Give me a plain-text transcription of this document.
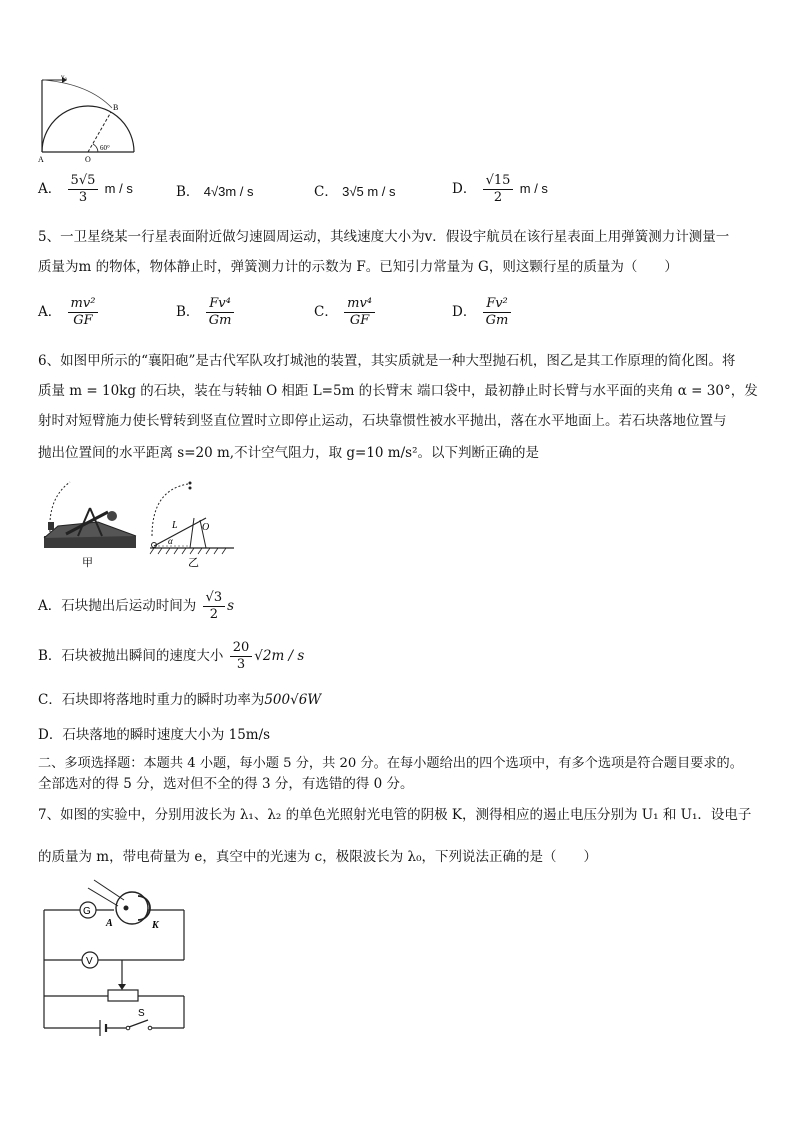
v₀
B
A	O
60°
A． $\frac{5√5}{3}$ m / s	B． 4√3m / s	C． 3√5 m / s	D． $\frac{√15}{2}$ m / s
5、一卫星绕某一行星表面附近做匀速圆周运动，其线速度大小为v．假设宇航员在该行星表面上用弹簧测力计测量一
质量为m 的物体，物体静止时，弹簧测力计的示数为 F。已知引力常量为 G，则这颗行星的质量为（　　）
A． $\frac{\text{mv²}}{GF}$	B． $\frac{\text{Fv⁴}}{Gm}$	C． $\frac{\text{mv⁴}}{GF}$	D． $\frac{\text{Fv²}}{Gm}$
6、如图甲所示的“襄阳砲”是古代军队攻打城池的装置，其实质就是一种大型抛石机，图乙是其工作原理的简化图。将
质量 m = 10kg 的石块，装在与转轴 O 相距 L=5m 的长臂末 端口袋中，最初静止时长臂与水平面的夹角 α = 30°，发
射时对短臂施力使长臂转到竖直位置时立即停止运动，石块靠惯性被水平抛出，落在水平地面上。若石块落地位置与
抛出位置间的水平距离 s=20 m,不计空气阻力，取 g=10 m/s²。以下判断正确的是
甲
L O
α
乙
A．石块抛出后运动时间为 $\frac{√3}{2}$ s
B．石块被抛出瞬间的速度大小 $\frac{20}{3} √2m$ / s
C．石块即将落地时重力的瞬时功率为500√6W
D．石块落地的瞬时速度大小为 15m/s
二、多项选择题：本题共 4 小题，每小题 5 分，共 20 分。在每小题给出的四个选项中，有多个选项是符合题目要求的。
全部选对的得 5 分，选对但不全的得 3 分，有选错的得 0 分。
7、如图的实验中，分别用波长为 λ₁、λ₂ 的单色光照射光电管的阴极 K，测得相应的遏止电压分别为 U₁ 和 U₁．设电子
的质量为 m，带电荷量为 e，真空中的光速为 c，极限波长为 λ₀，下列说法正确的是（　　）
G
A	K
V
S
